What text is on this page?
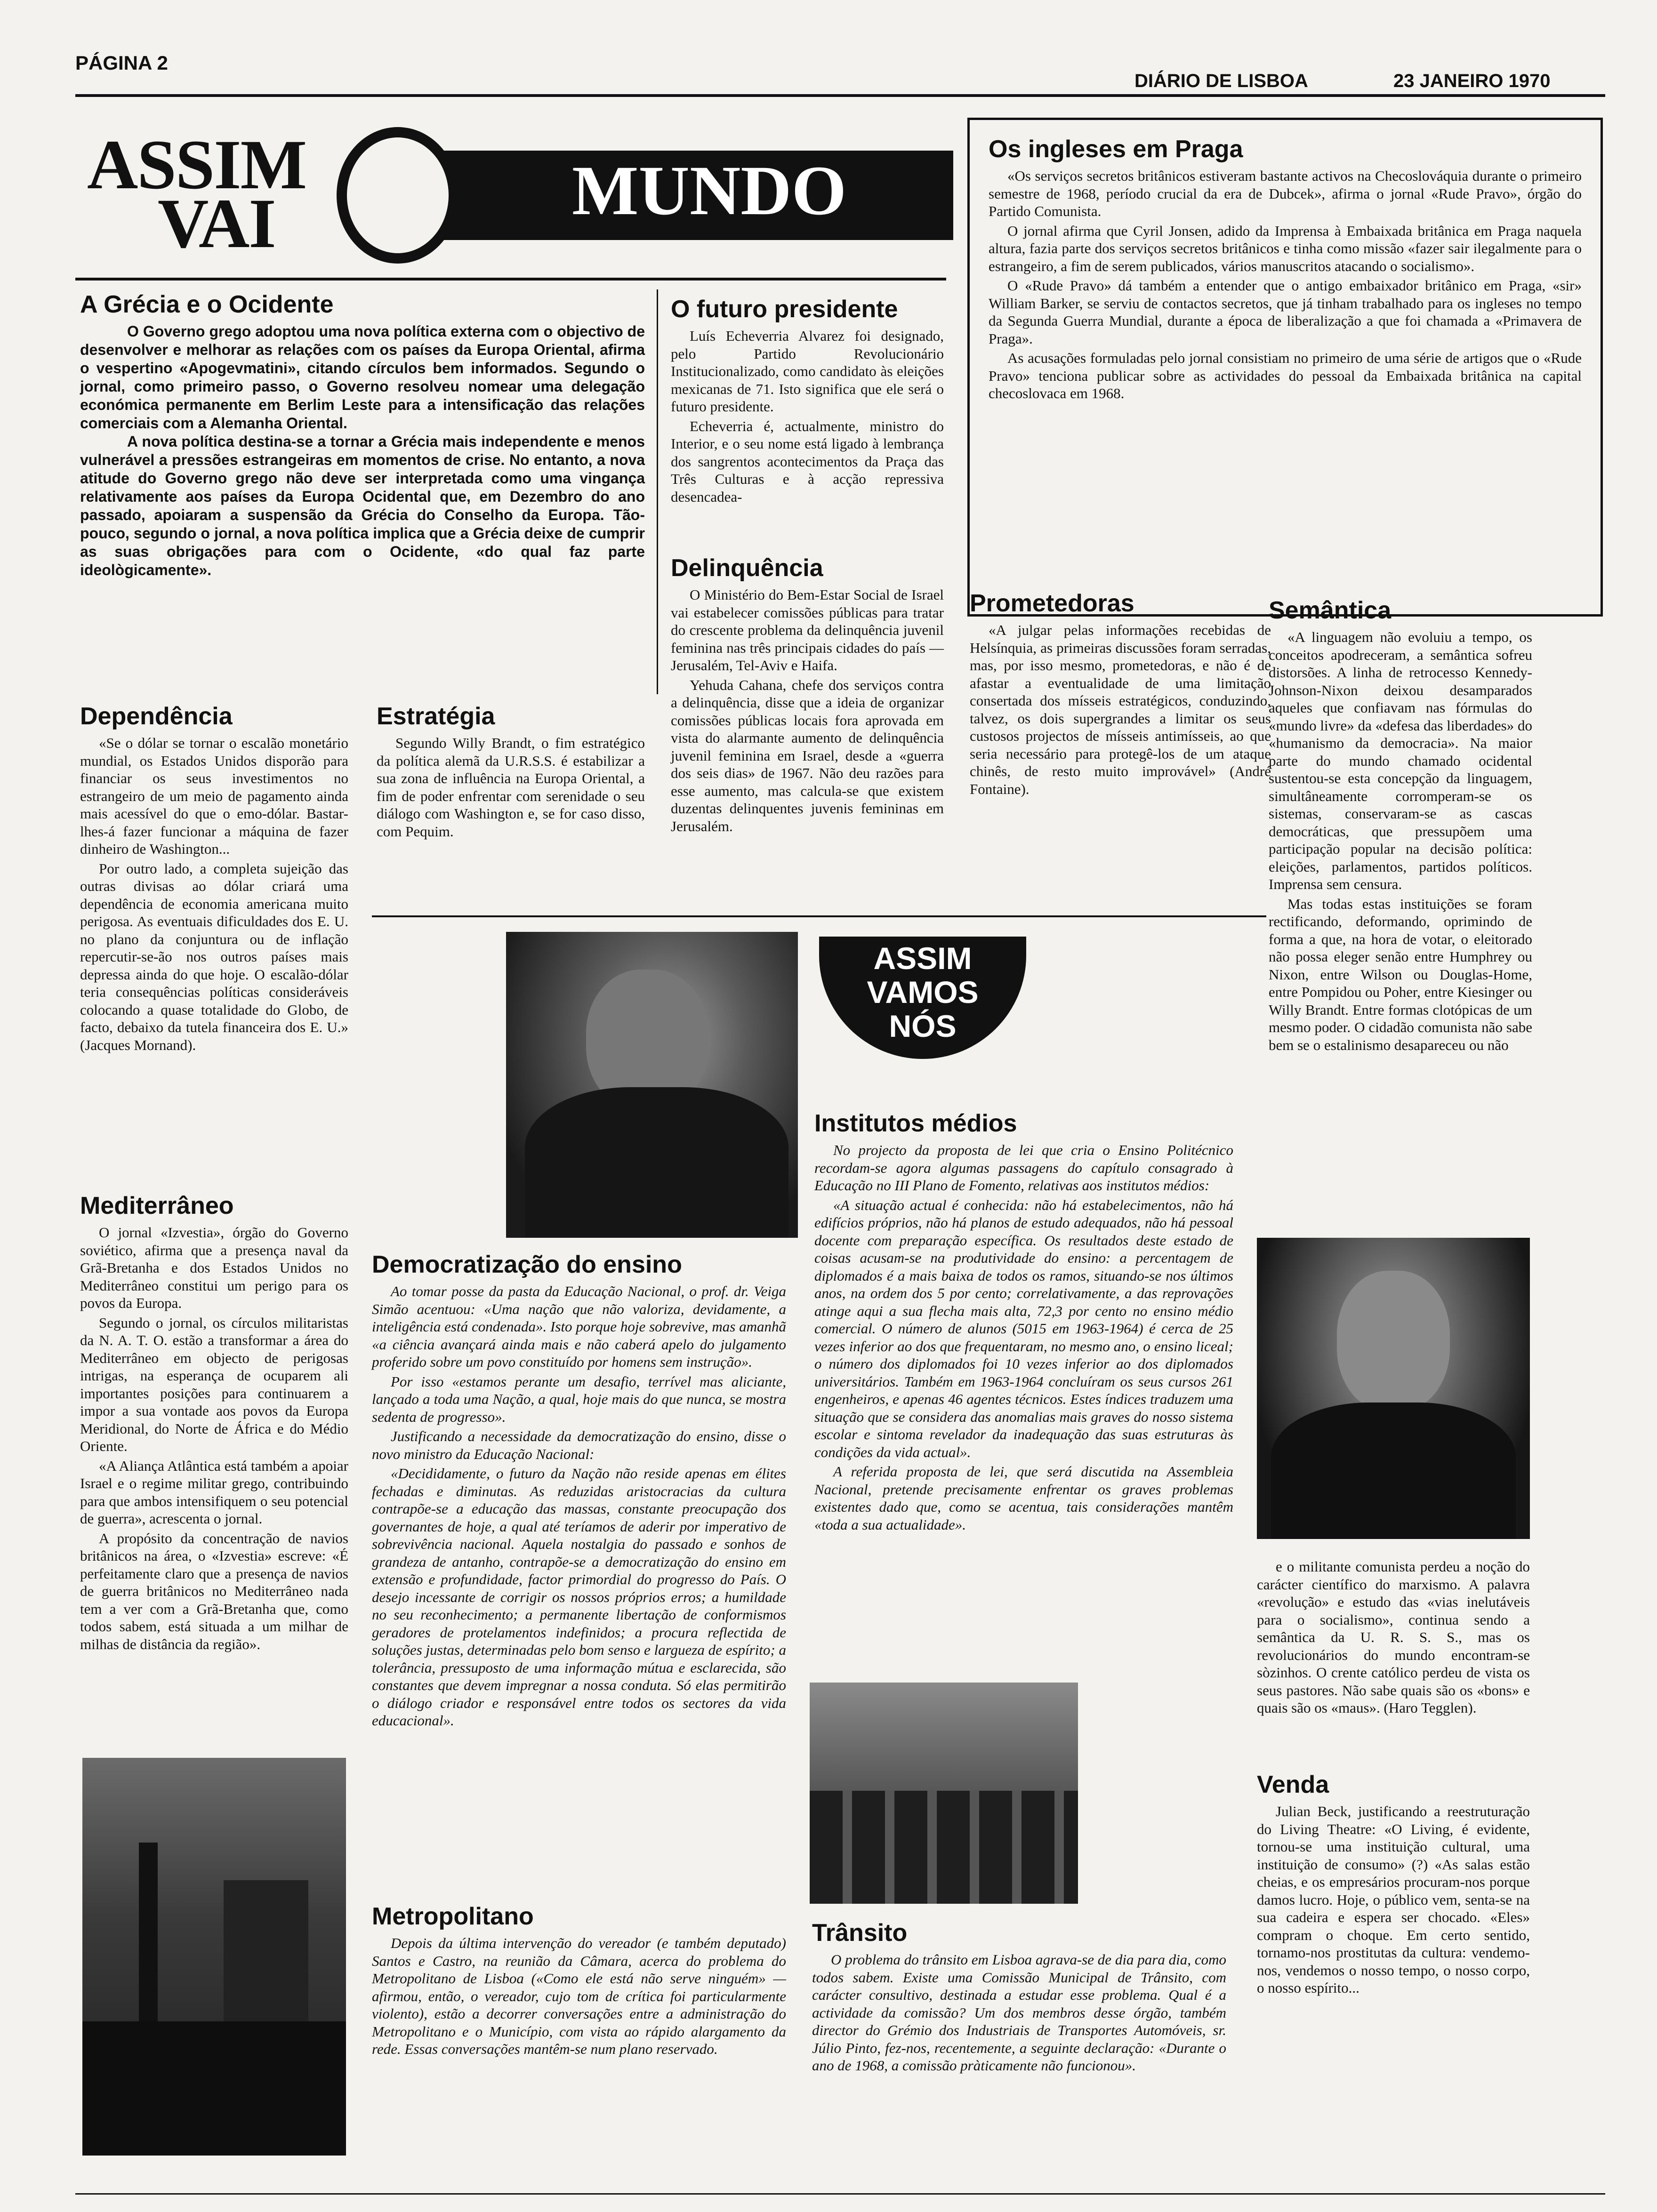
PÁGINA 2
DIÁRIO DE LISBOA	23 JANEIRO 1970
ASSIM
VAI	MUNDO
Os ingleses em Praga

«Os serviços secretos britânicos estiveram bastante activos na Checoslováquia durante o primeiro semestre de 1968, período crucial da era de Dubcek», afirma o jornal «Rude Pravo», órgão do Partido Comunista.

O jornal afirma que Cyril Jonsen, adido da Imprensa à Embaixada britânica em Praga naquela altura, fazia parte dos serviços secretos britânicos e tinha como missão «fazer sair ilegalmente para o estrangeiro, a fim de serem publicados, vários manuscritos atacando o socialismo».

O «Rude Pravo» dá também a entender que o antigo embaixador britânico em Praga, «sir» William Barker, se serviu de contactos secretos, que já tinham trabalhado para os ingleses no tempo da Segunda Guerra Mundial, durante a época de liberalização a que foi chamada a «Primavera de Praga».

As acusações formuladas pelo jornal consistiam no primeiro de uma série de artigos que o «Rude Pravo» tenciona publicar sobre as actividades do pessoal da Embaixada britânica na capital checoslovaca em 1968.

A Grécia e o Ocidente

O Governo grego adoptou uma nova política externa com o objectivo de desenvolver e melhorar as relações com os países da Europa Oriental, afirma o vespertino «Apogevmatini», citando círculos bem informados. Segundo o jornal, como primeiro passo, o Governo resolveu nomear uma delegação económica permanente em Berlim Leste para a intensificação das relações comerciais com a Alemanha Oriental.

A nova política destina-se a tornar a Grécia mais independente e menos vulnerável a pressões estrangeiras em momentos de crise. No entanto, a nova atitude do Governo grego não deve ser interpretada como uma vingança relativamente aos países da Europa Ocidental que, em Dezembro do ano passado, apoiaram a suspensão da Grécia do Conselho da Europa. Tão-pouco, segundo o jornal, a nova política implica que a Grécia deixe de cumprir as suas obrigações para com o Ocidente, «do qual faz parte ideològicamente».

O futuro presidente

Luís Echeverria Alvarez foi designado, pelo Partido Revolucionário Institucionalizado, como candidato às eleições mexicanas de 71. Isto significa que ele será o futuro presidente.

Echeverria é, actualmente, ministro do Interior, e o seu nome está ligado à lembrança dos sangrentos acontecimentos da Praça das Três Culturas e à acção repressiva desencadea-

Delinquência

O Ministério do Bem-Estar Social de Israel vai estabelecer comissões públicas para tratar do crescente problema da delinquência juvenil feminina nas três principais cidades do país — Jerusalém, Tel-Aviv e Haifa.

Yehuda Cahana, chefe dos serviços contra a delinquência, disse que a ideia de organizar comissões públicas locais fora aprovada em vista do alarmante aumento de delinquência juvenil feminina em Israel, desde a «guerra dos seis dias» de 1967. Não deu razões para esse aumento, mas calcula-se que existem duzentas delinquentes juvenis femininas em Jerusalém.

Prometedoras

«A julgar pelas informações recebidas de Helsínquia, as primeiras discussões foram serradas, mas, por isso mesmo, prometedoras, e não é de afastar a eventualidade de uma limitação consertada dos mísseis estratégicos, conduzindo, talvez, os dois supergrandes a limitar os seus custosos projectos de mísseis antimísseis, ao que seria necessário para protegê-los de um ataque chinês, de resto muito improvável» (André Fontaine).

Semântica

«A linguagem não evoluiu a tempo, os conceitos apodreceram, a semântica sofreu distorsões. A linha de retrocesso Kennedy-Johnson-Nixon deixou desamparados aqueles que confiavam nas fórmulas do «mundo livre» da «defesa das liberdades» do «humanismo da democracia». Na maior parte do mundo chamado ocidental sustentou-se esta concepção da linguagem, simultâneamente corromperam-se os sistemas, conservaram-se as cascas democráticas, que pressupõem uma participação popular na decisão política: eleições, parlamentos, partidos políticos. Imprensa sem censura.

Mas todas estas instituições se foram rectificando, deformando, oprimindo de forma a que, na hora de votar, o eleitorado não possa eleger senão entre Humphrey ou Nixon, entre Wilson ou Douglas-Home, entre Pompidou ou Poher, entre Kiesinger ou Willy Brandt. Entre formas clotópicas de um mesmo poder. O cidadão comunista não sabe bem se o estalinismo desapareceu ou não

Dependência

«Se o dólar se tornar o escalão monetário mundial, os Estados Unidos disporão para financiar os seus investimentos no estrangeiro de um meio de pagamento ainda mais acessível do que o emo-dólar. Bastar-lhes-á fazer funcionar a máquina de fazer dinheiro de Washington...

Por outro lado, a completa sujeição das outras divisas ao dólar criará uma dependência de economia americana muito perigosa. As eventuais dificuldades dos E. U. no plano da conjuntura ou de inflação repercutir-se-ão nos outros países mais depressa ainda do que hoje. O escalão-dólar teria consequências políticas consideráveis colocando a quase totalidade do Globo, de facto, debaixo da tutela financeira dos E. U.» (Jacques Mornand).

Estratégia

Segundo Willy Brandt, o fim estratégico da política alemã da U.R.S.S. é estabilizar a sua zona de influência na Europa Oriental, a fim de poder enfrentar com serenidade o seu diálogo com Washington e, se for caso disso, com Pequim.

Mediterrâneo

O jornal «Izvestia», órgão do Governo soviético, afirma que a presença naval da Grã-Bretanha e dos Estados Unidos no Mediterrâneo constitui um perigo para os povos da Europa.

Segundo o jornal, os círculos militaristas da N. A. T. O. estão a transformar a área do Mediterrâneo em objecto de perigosas intrigas, na esperança de ocuparem ali importantes posições para continuarem a impor a sua vontade aos povos da Europa Meridional, do Norte de África e do Médio Oriente.

«A Aliança Atlântica está também a apoiar Israel e o regime militar grego, contribuindo para que ambos intensifiquem o seu potencial de guerra», acrescenta o jornal.

A propósito da concentração de navios britânicos na área, o «Izvestia» escreve: «É perfeitamente claro que a presença de navios de guerra britânicos no Mediterrâneo nada tem a ver com a Grã-Bretanha que, como todos sabem, está situada a um milhar de milhas de distância da região».

ASSIM
VAMOS
NÓS
Institutos médios

No projecto da proposta de lei que cria o Ensino Politécnico recordam-se agora algumas passagens do capítulo consagrado à Educação no III Plano de Fomento, relativas aos institutos médios:

«A situação actual é conhecida: não há estabelecimentos, não há edifícios próprios, não há planos de estudo adequados, não há pessoal docente com preparação específica. Os resultados deste estado de coisas acusam-se na produtividade do ensino: a percentagem de diplomados é a mais baixa de todos os ramos, situando-se nos últimos anos, na ordem dos 5 por cento; correlativamente, a das reprovações atinge aqui a sua flecha mais alta, 72,3 por cento no ensino médio comercial. O número de alunos (5015 em 1963-1964) é cerca de 25 vezes inferior ao dos que frequentaram, no mesmo ano, o ensino liceal; o número dos diplomados foi 10 vezes inferior ao dos diplomados universitários. Também em 1963-1964 concluíram os seus cursos 261 engenheiros, e apenas 46 agentes técnicos. Estes índices traduzem uma situação que se considera das anomalias mais graves do nosso sistema escolar e sintoma revelador da inadequação das suas estruturas às condições da vida actual».

A referida proposta de lei, que será discutida na Assembleia Nacional, pretende precisamente enfrentar os graves problemas existentes dado que, como se acentua, tais considerações mantêm «toda a sua actualidade».

Democratização do ensino

Ao tomar posse da pasta da Educação Nacional, o prof. dr. Veiga Simão acentuou: «Uma nação que não valoriza, devidamente, a inteligência está condenada». Isto porque hoje sobrevive, mas amanhã «a ciência avançará ainda mais e não caberá apelo do julgamento proferido sobre um povo constituído por homens sem instrução».

Por isso «estamos perante um desafio, terrível mas aliciante, lançado a toda uma Nação, a qual, hoje mais do que nunca, se mostra sedenta de progresso».

Justificando a necessidade da democratização do ensino, disse o novo ministro da Educação Nacional:

«Decididamente, o futuro da Nação não reside apenas em élites fechadas e diminutas. As reduzidas aristocracias da cultura contrapõe-se a educação das massas, constante preocupação dos governantes de hoje, a qual até teríamos de aderir por imperativo de sobrevivência nacional. Aquela nostalgia do passado e sonhos de grandeza de antanho, contrapõe-se a democratização do ensino em extensão e profundidade, factor primordial do progresso do País. O desejo incessante de corrigir os nossos próprios erros; a humildade no seu reconhecimento; a permanente libertação de conformismos geradores de protelamentos indefinidos; a procura reflectida de soluções justas, determinadas pelo bom senso e largueza de espírito; a tolerância, pressuposto de uma informação mútua e esclarecida, são constantes que devem impregnar a nossa conduta. Só elas permitirão o diálogo criador e responsável entre todos os sectores da vida educacional».

Metropolitano

Depois da última intervenção do vereador (e também deputado) Santos e Castro, na reunião da Câmara, acerca do problema do Metropolitano de Lisboa («Como ele está não serve ninguém» — afirmou, então, o vereador, cujo tom de crítica foi particularmente violento), estão a decorrer conversações entre a administração do Metropolitano e o Município, com vista ao rápido alargamento da rede. Essas conversações mantêm-se num plano reservado.

Trânsito

O problema do trânsito em Lisboa agrava-se de dia para dia, como todos sabem. Existe uma Comissão Municipal de Trânsito, com carácter consultivo, destinada a estudar esse problema. Qual é a actividade da comissão? Um dos membros desse órgão, também director do Grémio dos Industriais de Transportes Automóveis, sr. Júlio Pinto, fez-nos, recentemente, a seguinte declaração: «Durante o ano de 1968, a comissão pràticamente não funcionou».

e o militante comunista perdeu a noção do carácter científico do marxismo. A palavra «revolução» e estudo das «vias inelutáveis para o socialismo», continua sendo a semântica da U. R. S. S., mas os revolucionários do mundo encontram-se sòzinhos. O crente católico perdeu de vista os seus pastores. Não sabe quais são os «bons» e quais são os «maus». (Haro Tegglen).

Venda

Julian Beck, justificando a reestruturação do Living Theatre: «O Living, é evidente, tornou-se uma instituição cultural, uma instituição de consumo» (?) «As salas estão cheias, e os empresários procuram-nos porque damos lucro. Hoje, o público vem, senta-se na sua cadeira e espera ser chocado. «Eles» compram o choque. Em certo sentido, tornamo-nos prostitutas da cultura: vendemo-nos, vendemos o nosso tempo, o nosso corpo, o nosso espírito...
